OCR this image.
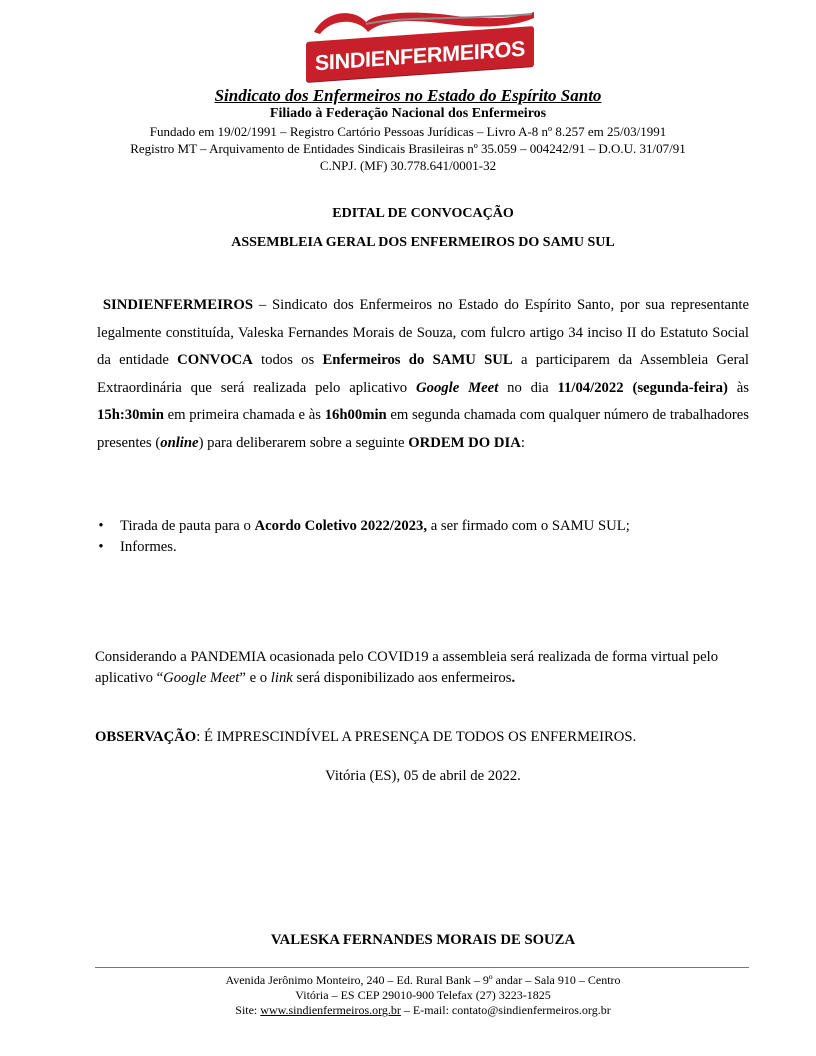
SINDIENFERMEIROS
Sindicato dos Enfermeiros no Estado do Espírito Santo
Filiado à Federação Nacional dos Enfermeiros
Fundado em 19/02/1991 – Registro Cartório Pessoas Jurídicas – Livro A-8 nº 8.257 em 25/03/1991
Registro MT – Arquivamento de Entidades Sindicais Brasileiras nº 35.059 – 004242/91 – D.O.U. 31/07/91
C.NPJ. (MF) 30.778.641/0001-32
EDITAL DE CONVOCAÇÃO
ASSEMBLEIA GERAL DOS ENFERMEIROS DO SAMU SUL
SINDIENFERMEIROS – Sindicato dos Enfermeiros no Estado do Espírito Santo, por sua representante legalmente constituída, Valeska Fernandes Morais de Souza, com fulcro artigo 34 inciso II do Estatuto Social da entidade CONVOCA todos os Enfermeiros do SAMU SUL a participarem da Assembleia Geral Extraordinária que será realizada pelo aplicativo Google Meet no dia 11/04/2022 (segunda-feira) às 15h:30min em primeira chamada e às 16h00min em segunda chamada com qualquer número de trabalhadores presentes (online) para deliberarem sobre a seguinte ORDEM DO DIA:
• Tirada de pauta para o Acordo Coletivo 2022/2023, a ser firmado com o SAMU SUL;
• Informes.
Considerando a PANDEMIA ocasionada pelo COVID19 a assembleia será realizada de forma virtual pelo aplicativo “Google Meet” e o link será disponibilizado aos enfermeiros.
OBSERVAÇÃO: É IMPRESCINDÍVEL A PRESENÇA DE TODOS OS ENFERMEIROS.
Vitória (ES), 05 de abril de 2022.
VALESKA FERNANDES MORAIS DE SOUZA
Avenida Jerônimo Monteiro, 240 – Ed. Rural Bank – 9º andar – Sala 910 – Centro
Vitória – ES CEP 29010-900 Telefax (27) 3223-1825
Site: www.sindienfermeiros.org.br – E-mail: contato@sindienfermeiros.org.br
